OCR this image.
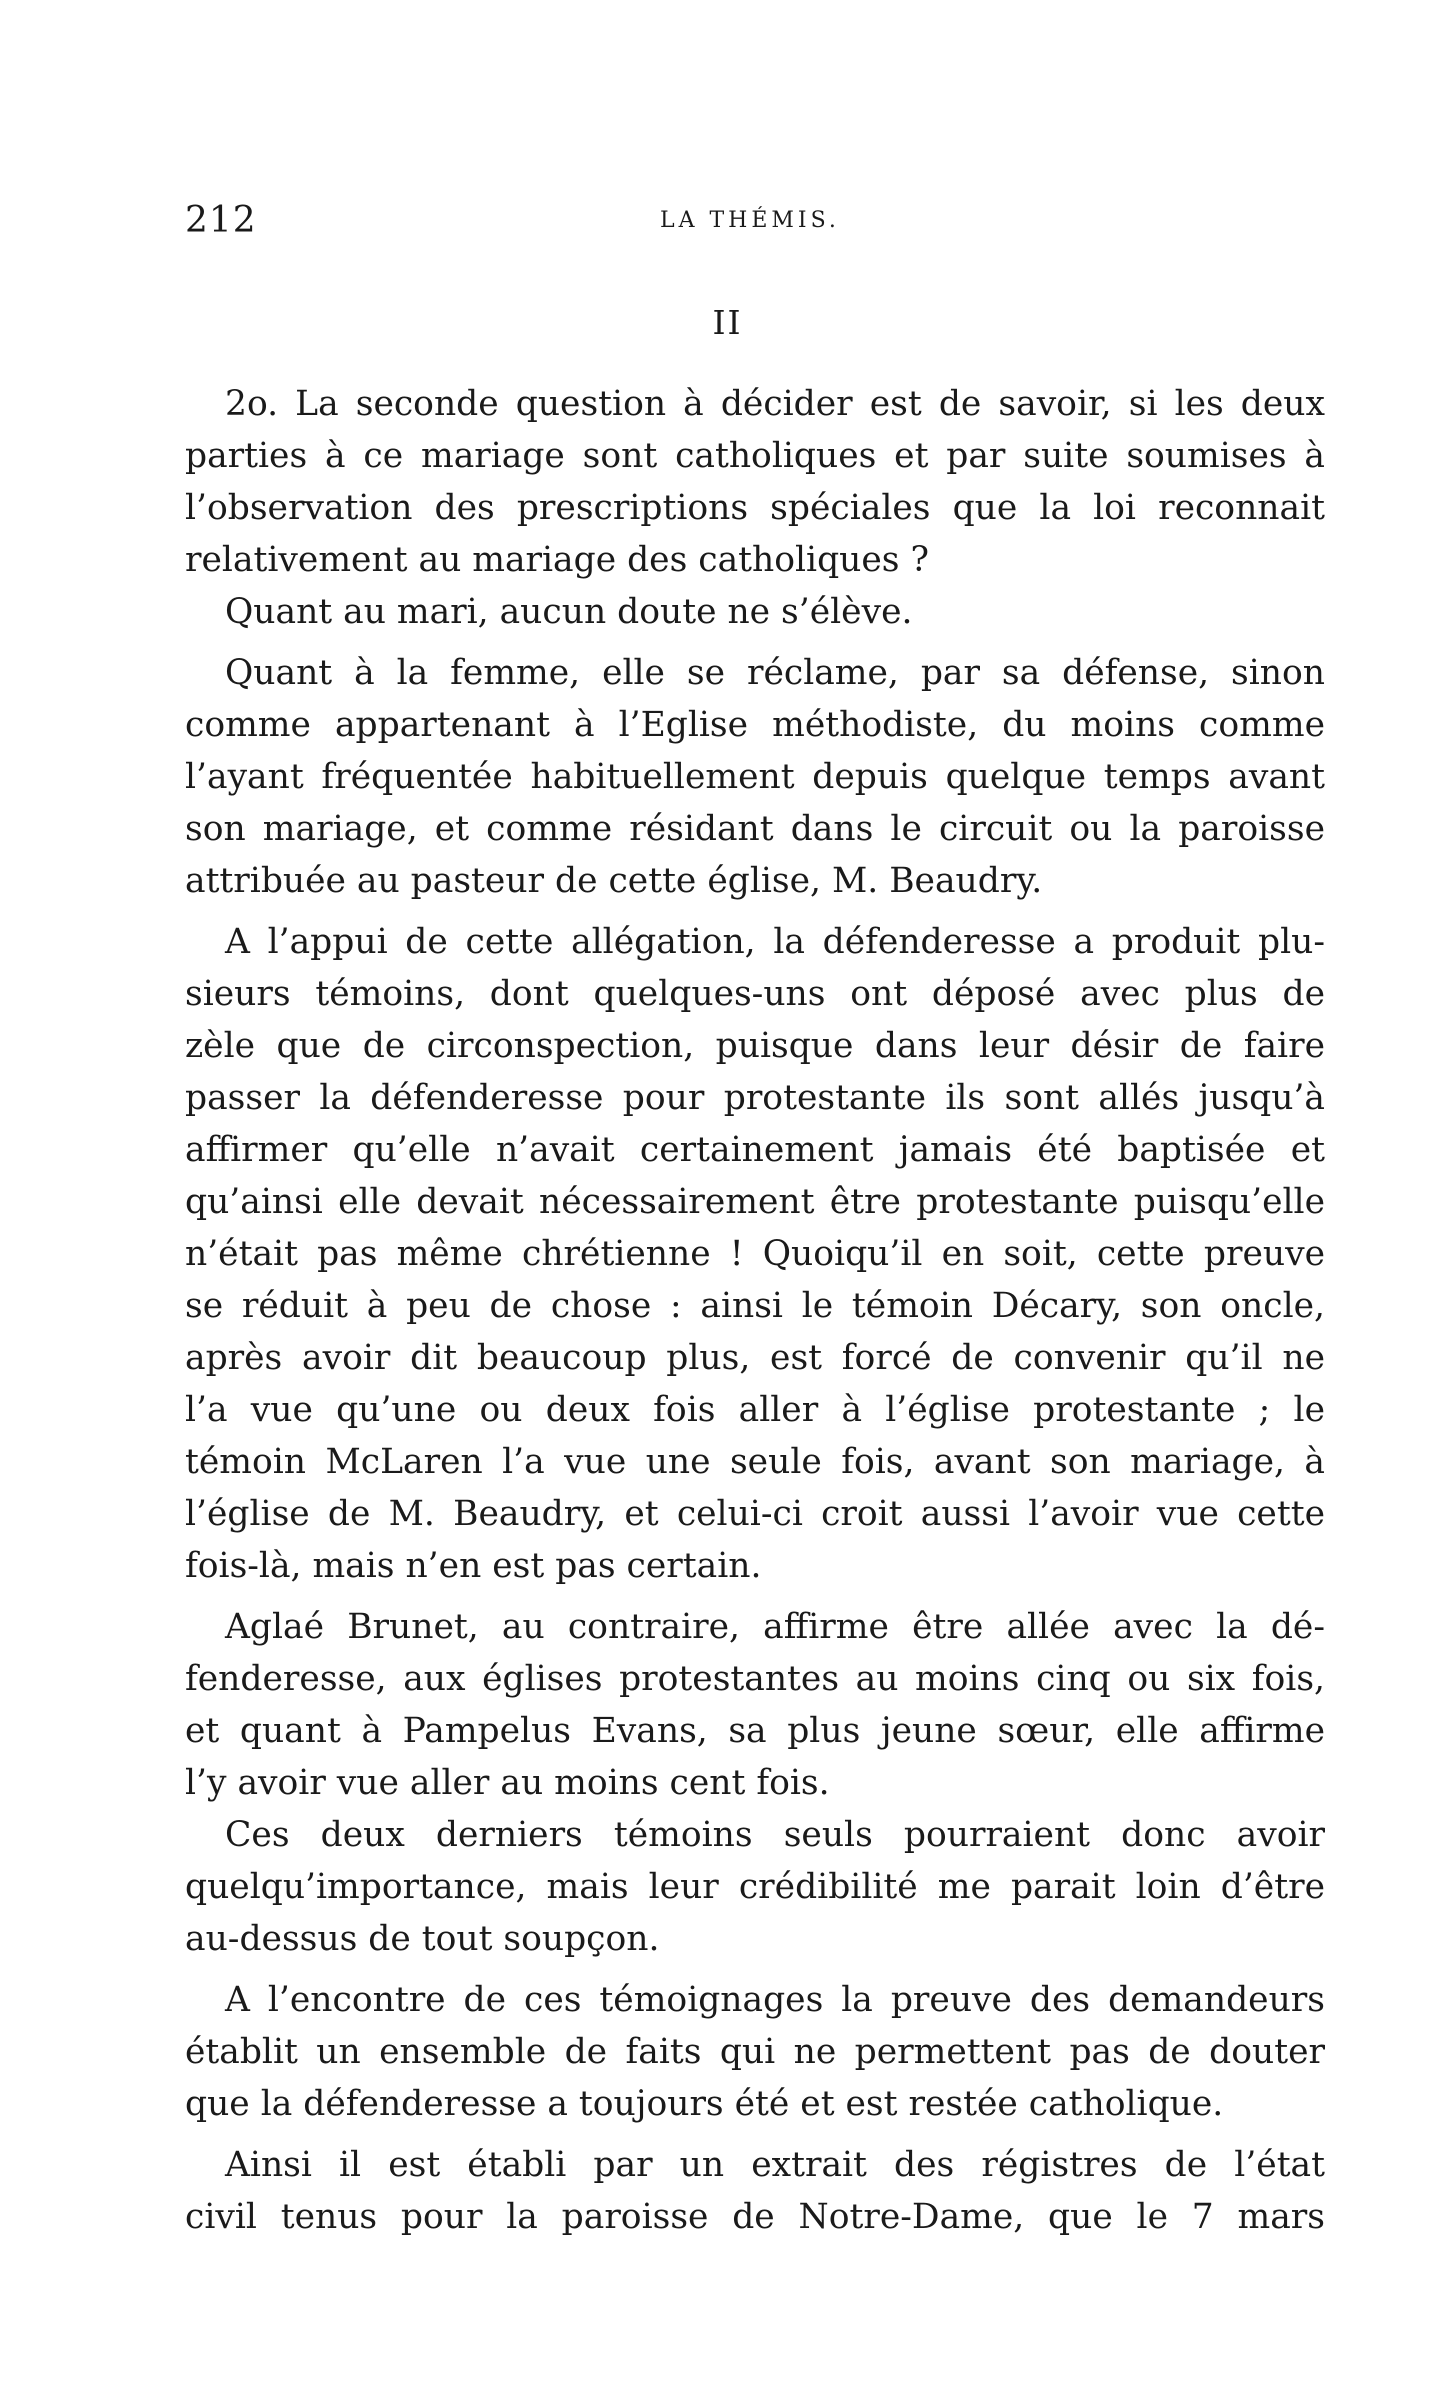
212	LA THÉMIS.
II
2o. La seconde question à décider est de savoir, si les deux
parties à ce mariage sont catholiques et par suite soumises à
l’observation des prescriptions spéciales que la loi reconnait
relativement au mariage des catholiques ?
Quant au mari, aucun doute ne s’élève.
Quant à la femme, elle se réclame, par sa défense, sinon
comme appartenant à l’Eglise méthodiste, du moins comme
l’ayant fréquentée habituellement depuis quelque temps avant
son mariage, et comme résidant dans le circuit ou la paroisse
attribuée au pasteur de cette église, M. Beaudry.
A l’appui de cette allégation, la défenderesse a produit plu-
sieurs témoins, dont quelques-uns ont déposé avec plus de
zèle que de circonspection, puisque dans leur désir de faire
passer la défenderesse pour protestante ils sont allés jusqu’à
affirmer qu’elle n’avait certainement jamais été baptisée et
qu’ainsi elle devait nécessairement être protestante puisqu’elle
n’était pas même chrétienne ! Quoiqu’il en soit, cette preuve
se réduit à peu de chose : ainsi le témoin Décary, son oncle,
après avoir dit beaucoup plus, est forcé de convenir qu’il ne
l’a vue qu’une ou deux fois aller à l’église protestante ; le
témoin McLaren l’a vue une seule fois, avant son mariage, à
l’église de M. Beaudry, et celui-ci croit aussi l’avoir vue cette
fois-là, mais n’en est pas certain.
Aglaé Brunet, au contraire, affirme être allée avec la dé-
fenderesse, aux églises protestantes au moins cinq ou six fois,
et quant à Pampelus Evans, sa plus jeune sœur, elle affirme
l’y avoir vue aller au moins cent fois.
Ces deux derniers témoins seuls pourraient donc avoir
quelqu’importance, mais leur crédibilité me parait loin d’être
au-dessus de tout soupçon.
A l’encontre de ces témoignages la preuve des demandeurs
établit un ensemble de faits qui ne permettent pas de douter
que la défenderesse a toujours été et est restée catholique.
Ainsi il est établi par un extrait des régistres de l’état
civil tenus pour la paroisse de Notre-Dame, que le 7 mars
